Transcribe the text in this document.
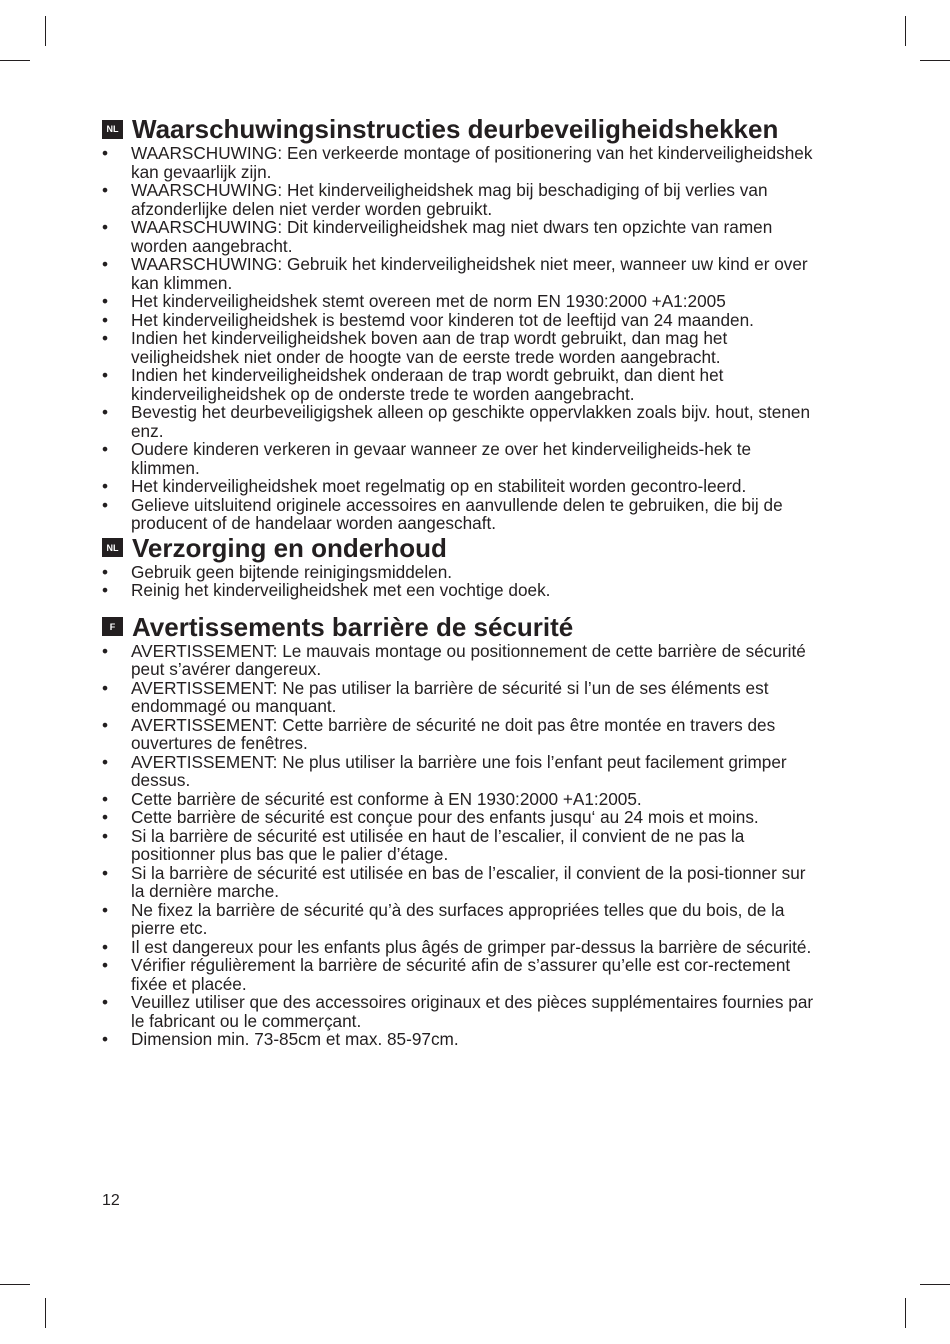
NL Waarschuwingsinstructies deurbeveiligheidshekken
• WAARSCHUWING: Een verkeerde montage of positionering van het kinderveiligheidshek kan gevaarlijk zijn.
• WAARSCHUWING: Het kinderveiligheidshek mag bij beschadiging of bij verlies van afzonderlijke delen niet verder worden gebruikt.
• WAARSCHUWING: Dit kinderveiligheidshek mag niet dwars ten opzichte van ramen worden aangebracht.
• WAARSCHUWING: Gebruik het kinderveiligheidshek niet meer, wanneer uw kind er over kan klimmen.
• Het kinderveiligheidshek stemt overeen met de norm EN 1930:2000 +A1:2005
• Het kinderveiligheidshek is bestemd voor kinderen tot de leeftijd van 24 maanden.
• Indien het kinderveiligheidshek boven aan de trap wordt gebruikt, dan mag het veiligheidshek niet onder de hoogte van de eerste trede worden aangebracht.
• Indien het kinderveiligheidshek onderaan de trap wordt gebruikt, dan dient het kinderveiligheidshek op de onderste trede te worden aangebracht.
• Bevestig het deurbeveiligigshek alleen op geschikte oppervlakken zoals bijv. hout, stenen enz.
• Oudere kinderen verkeren in gevaar wanneer ze over het kinderveiligheids-hek te klimmen.
• Het kinderveiligheidshek moet regelmatig op en stabiliteit worden gecontro-leerd.
• Gelieve uitsluitend originele accessoires en aanvullende delen te gebruiken, die bij de producent of de handelaar worden aangeschaft.
NL Verzorging en onderhoud
• Gebruik geen bijtende reinigingsmiddelen.
• Reinig het kinderveiligheidshek met een vochtige doek.
F Avertissements barrière de sécurité
• AVERTISSEMENT: Le mauvais montage ou positionnement de cette barrière de sécurité peut s’avérer dangereux.
• AVERTISSEMENT: Ne pas utiliser la barrière de sécurité si l’un de ses éléments est endommagé ou manquant.
• AVERTISSEMENT: Cette barrière de sécurité ne doit pas être montée en travers des ouvertures de fenêtres.
• AVERTISSEMENT: Ne plus utiliser la barrière une fois l’enfant peut facilement grimper dessus.
• Cette barrière de sécurité est conforme à EN 1930:2000 +A1:2005.
• Cette barrière de sécurité est conçue pour des enfants jusqu‘ au 24 mois et moins.
• Si la barrière de sécurité est utilisée en haut de l’escalier, il convient de ne pas la positionner plus bas que le palier d’étage.
• Si la barrière de sécurité est utilisée en bas de l’escalier, il convient de la posi-tionner sur la dernière marche.
• Ne fixez la barrière de sécurité qu’à des surfaces appropriées telles que du bois, de la pierre etc.
• Il est dangereux pour les enfants plus âgés de grimper par-dessus la barrière de sécurité.
• Vérifier régulièrement la barrière de sécurité afin de s’assurer qu’elle est cor-rectement fixée et placée.
• Veuillez utiliser que des accessoires originaux et des pièces supplémentaires fournies par le fabricant ou le commerçant.
• Dimension min. 73-85cm et max. 85-97cm.
12
